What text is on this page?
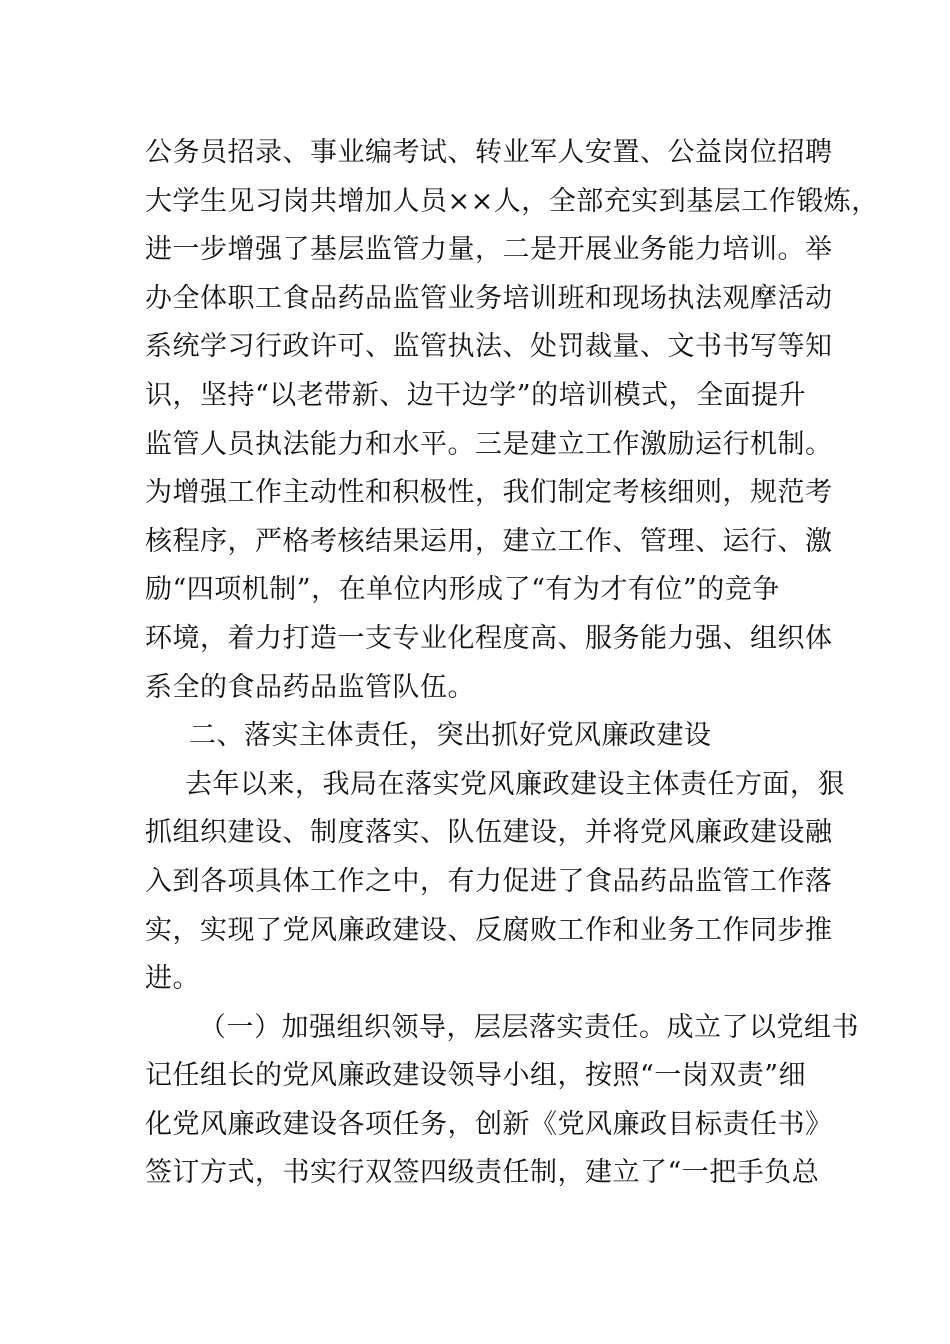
公务员招录、事业编考试、转业军人安置、公益岗位招聘
大学生见习岗共增加人员××人，全部充实到基层工作锻炼，
进一步增强了基层监管力量，二是开展业务能力培训。举
办全体职工食品药品监管业务培训班和现场执法观摩活动
系统学习行政许可、监管执法、处罚裁量、文书书写等知
识，坚持“以老带新、边干边学”的培训模式，全面提升
监管人员执法能力和水平。三是建立工作激励运行机制。
为增强工作主动性和积极性，我们制定考核细则，规范考
核程序，严格考核结果运用，建立工作、管理、运行、激
励“四项机制”，在单位内形成了“有为才有位”的竞争
环境，着力打造一支专业化程度高、服务能力强、组织体
系全的食品药品监管队伍。
二、落实主体责任，突出抓好党风廉政建设
去年以来，我局在落实党风廉政建设主体责任方面，狠
抓组织建设、制度落实、队伍建设，并将党风廉政建设融
入到各项具体工作之中，有力促进了食品药品监管工作落
实，实现了党风廉政建设、反腐败工作和业务工作同步推
进。
（一）加强组织领导，层层落实责任。成立了以党组书
记任组长的党风廉政建设领导小组，按照“一岗双责”细
化党风廉政建设各项任务，创新《党风廉政目标责任书》
签订方式，书实行双签四级责任制，建立了“一把手负总
